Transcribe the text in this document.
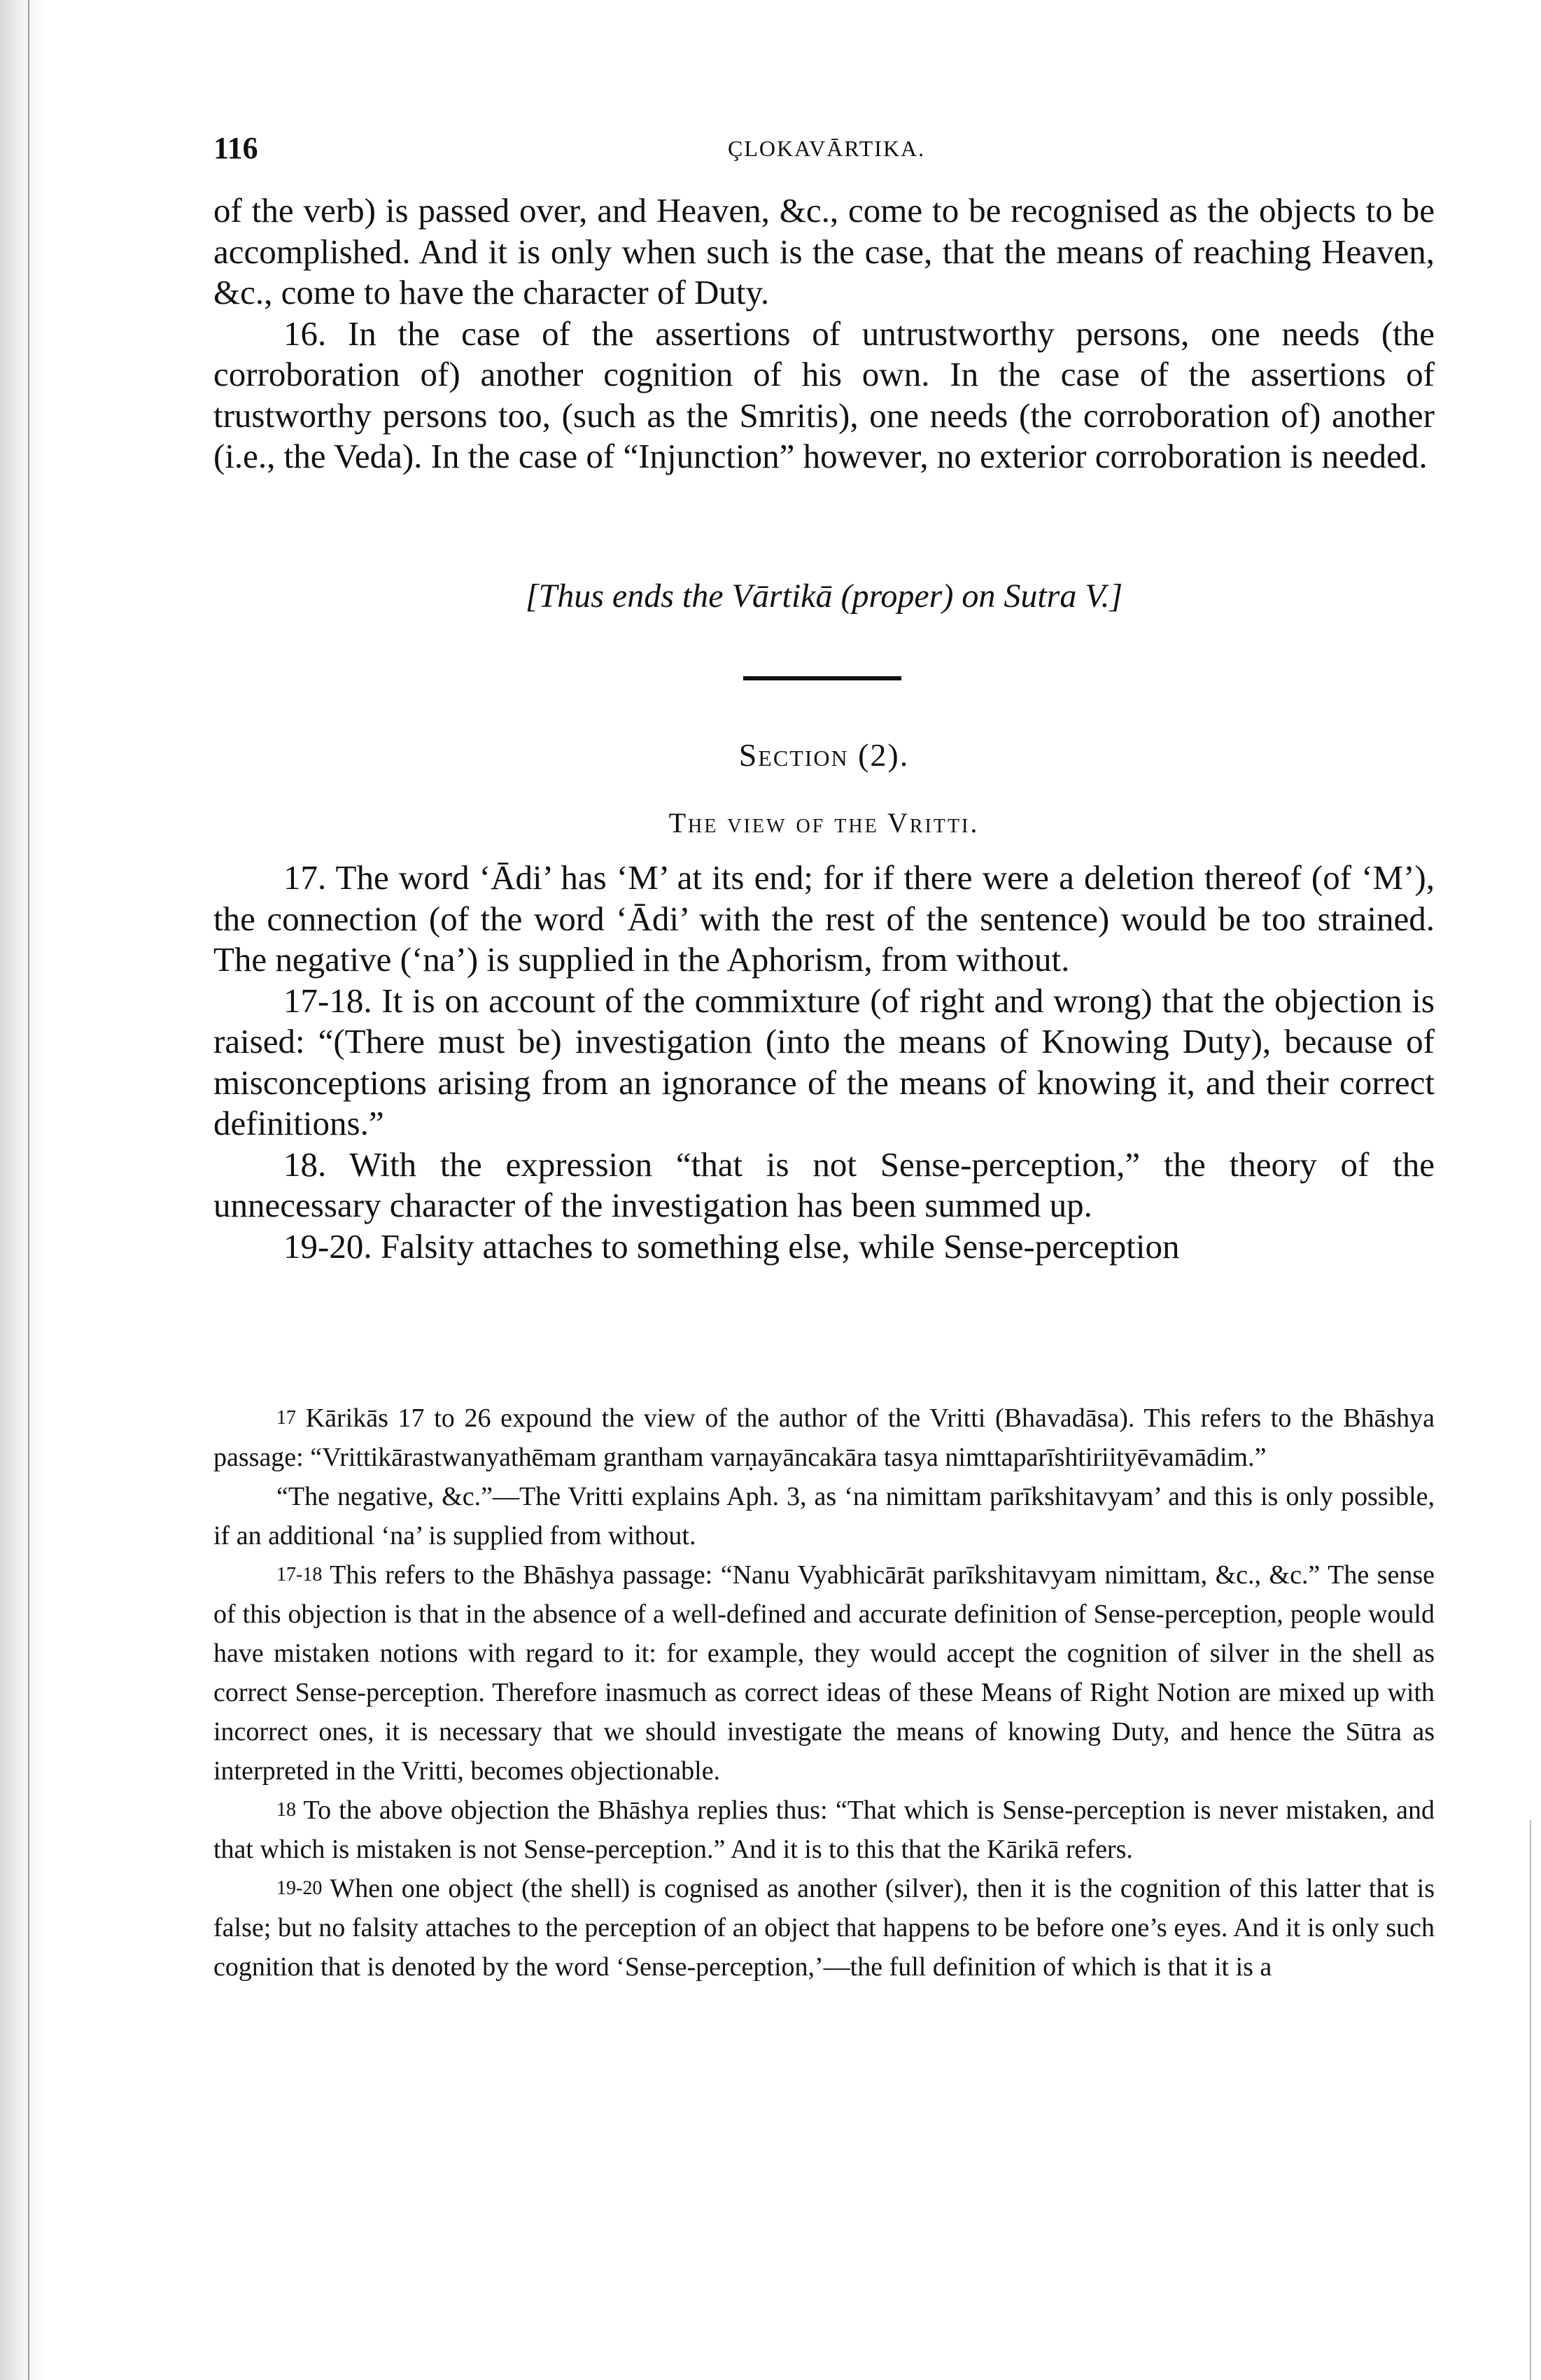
116	ÇLOKAVĀRTIKA.

of the verb) is passed over, and Heaven, &c., come to be recognised as the objects to be accomplished. And it is only when such is the case, that the means of reaching Heaven, &c., come to have the character of Duty.

16. In the case of the assertions of untrustworthy persons, one needs (the corroboration of) another cognition of his own. In the case of the assertions of trustworthy persons too, (such as the Smritis), one needs (the corroboration of) another (i.e., the Veda). In the case of “Injunction” however, no exterior corroboration is needed.

[Thus ends the Vārtikā (proper) on Sutra V.]
Section (2).
The view of the Vritti.

17. The word ‘Ādi’ has ‘M’ at its end; for if there were a deletion thereof (of ‘M’), the connection (of the word ‘Ādi’ with the rest of the sentence) would be too strained. The negative (‘na’) is supplied in the Aphorism, from without.

17-18. It is on account of the commixture (of right and wrong) that the objection is raised: “(There must be) investigation (into the means of Knowing Duty), because of misconceptions arising from an ignorance of the means of knowing it, and their correct definitions.”

18. With the expression “that is not Sense-perception,” the theory of the unnecessary character of the investigation has been summed up.

19-20. Falsity attaches to something else, while Sense-perception

17 Kārikās 17 to 26 expound the view of the author of the Vritti (Bhavadāsa). This refers to the Bhāshya passage: “Vrittikārastwanyathēmam grantham varṇayāncakāra tasya nimttaparīshtiriityēvamādim.”

“The negative, &c.”—The Vritti explains Aph. 3, as ‘na nimittam parīkshitavyam’ and this is only possible, if an additional ‘na’ is supplied from without.

17-18 This refers to the Bhāshya passage: “Nanu Vyabhicārāt parīkshitavyam nimittam, &c., &c.” The sense of this objection is that in the absence of a well-defined and accurate definition of Sense-perception, people would have mistaken notions with regard to it: for example, they would accept the cognition of silver in the shell as correct Sense-perception. Therefore inasmuch as correct ideas of these Means of Right Notion are mixed up with incorrect ones, it is necessary that we should investigate the means of knowing Duty, and hence the Sūtra as interpreted in the Vritti, becomes objectionable.

18 To the above objection the Bhāshya replies thus: “That which is Sense-perception is never mistaken, and that which is mistaken is not Sense-perception.” And it is to this that the Kārikā refers.

19-20 When one object (the shell) is cognised as another (silver), then it is the cognition of this latter that is false; but no falsity attaches to the perception of an object that happens to be before one’s eyes. And it is only such cognition that is denoted by the word ‘Sense-perception,’—the full definition of which is that it is a
